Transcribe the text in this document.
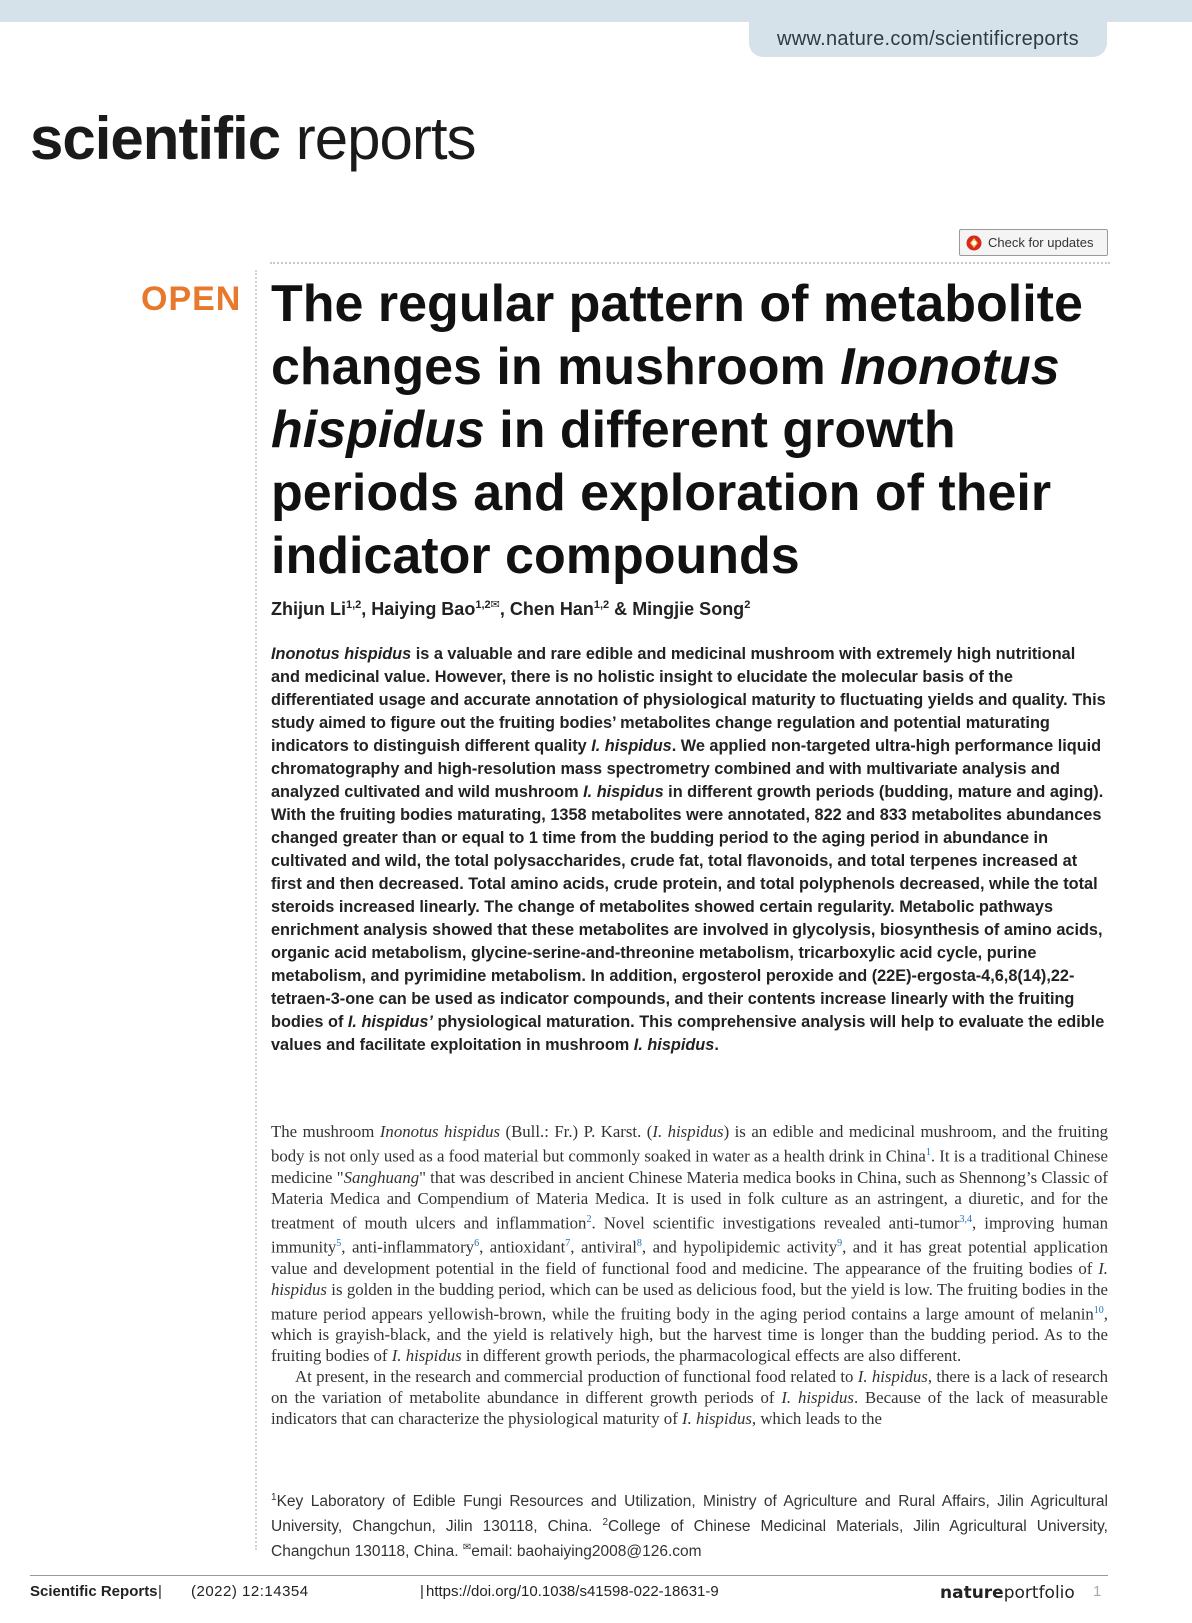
www.nature.com/scientificreports
scientific reports
Check for updates
OPEN The regular pattern of metabolite changes in mushroom Inonotus hispidus in different growth periods and exploration of their indicator compounds
Zhijun Li$^{1,2}$, Haiying Bao$^{1,2✉}$, Chen Han$^{1,2}$ & Mingjie Song$^2$

Inonotus hispidus is a valuable and rare edible and medicinal mushroom with extremely high nutritional and medicinal value. However, there is no holistic insight to elucidate the molecular basis of the differentiated usage and accurate annotation of physiological maturity to fluctuating yields and quality. This study aimed to figure out the fruiting bodies’ metabolites change regulation and potential maturating indicators to distinguish different quality I. hispidus. We applied non-targeted ultra-high performance liquid chromatography and high-resolution mass spectrometry combined and with multivariate analysis and analyzed cultivated and wild mushroom I. hispidus in different growth periods (budding, mature and aging). With the fruiting bodies maturating, 1358 metabolites were annotated, 822 and 833 metabolites abundances changed greater than or equal to 1 time from the budding period to the aging period in abundance in cultivated and wild, the total polysaccharides, crude fat, total flavonoids, and total terpenes increased at first and then decreased. Total amino acids, crude protein, and total polyphenols decreased, while the total steroids increased linearly. The change of metabolites showed certain regularity. Metabolic pathways enrichment analysis showed that these metabolites are involved in glycolysis, biosynthesis of amino acids, organic acid metabolism, glycine-serine-and-threonine metabolism, tricarboxylic acid cycle, purine metabolism, and pyrimidine metabolism. In addition, ergosterol peroxide and (22E)-ergosta-4,6,8(14),22-tetraen-3-one can be used as indicator compounds, and their contents increase linearly with the fruiting bodies of I. hispidus’ physiological maturation. This comprehensive analysis will help to evaluate the edible values and facilitate exploitation in mushroom I. hispidus.

The mushroom Inonotus hispidus (Bull.: Fr.) P. Karst. (I. hispidus) is an edible and medicinal mushroom, and the fruiting body is not only used as a food material but commonly soaked in water as a health drink in China$^1$. It is a traditional Chinese medicine "Sanghuang" that was described in ancient Chinese Materia medica books in China, such as Shennong’s Classic of Materia Medica and Compendium of Materia Medica. It is used in folk culture as an astringent, a diuretic, and for the treatment of mouth ulcers and inflammation$^2$. Novel scientific investigations revealed anti-tumor$^{3,4}$, improving human immunity$^5$, anti-inflammatory$^6$, antioxidant$^7$, antiviral$^8$, and hypolipidemic activity$^9$, and it has great potential application value and development potential in the field of functional food and medicine. The appearance of the fruiting bodies of I. hispidus is golden in the budding period, which can be used as delicious food, but the yield is low. The fruiting bodies in the mature period appears yellowish-brown, while the fruiting body in the aging period contains a large amount of melanin$^{10}$, which is grayish-black, and the yield is relatively high, but the harvest time is longer than the budding period. As to the fruiting bodies of I. hispidus in different growth periods, the pharmacological effects are also different.

At present, in the research and commercial production of functional food related to I. hispidus, there is a lack of research on the variation of metabolite abundance in different growth periods of I. hispidus. Because of the lack of measurable indicators that can characterize the physiological maturity of I. hispidus, which leads to the

$^1$Key Laboratory of Edible Fungi Resources and Utilization, Ministry of Agriculture and Rural Affairs, Jilin Agricultural University, Changchun, Jilin 130118, China. $^2$College of Chinese Medicinal Materials, Jilin Agricultural University, Changchun 130118, China. ✉email: baohaiying2008@126.com

Scientific Reports | (2022) 12:14354	| https://doi.org/10.1038/s41598-022-18631-9	natureportfolio 1
